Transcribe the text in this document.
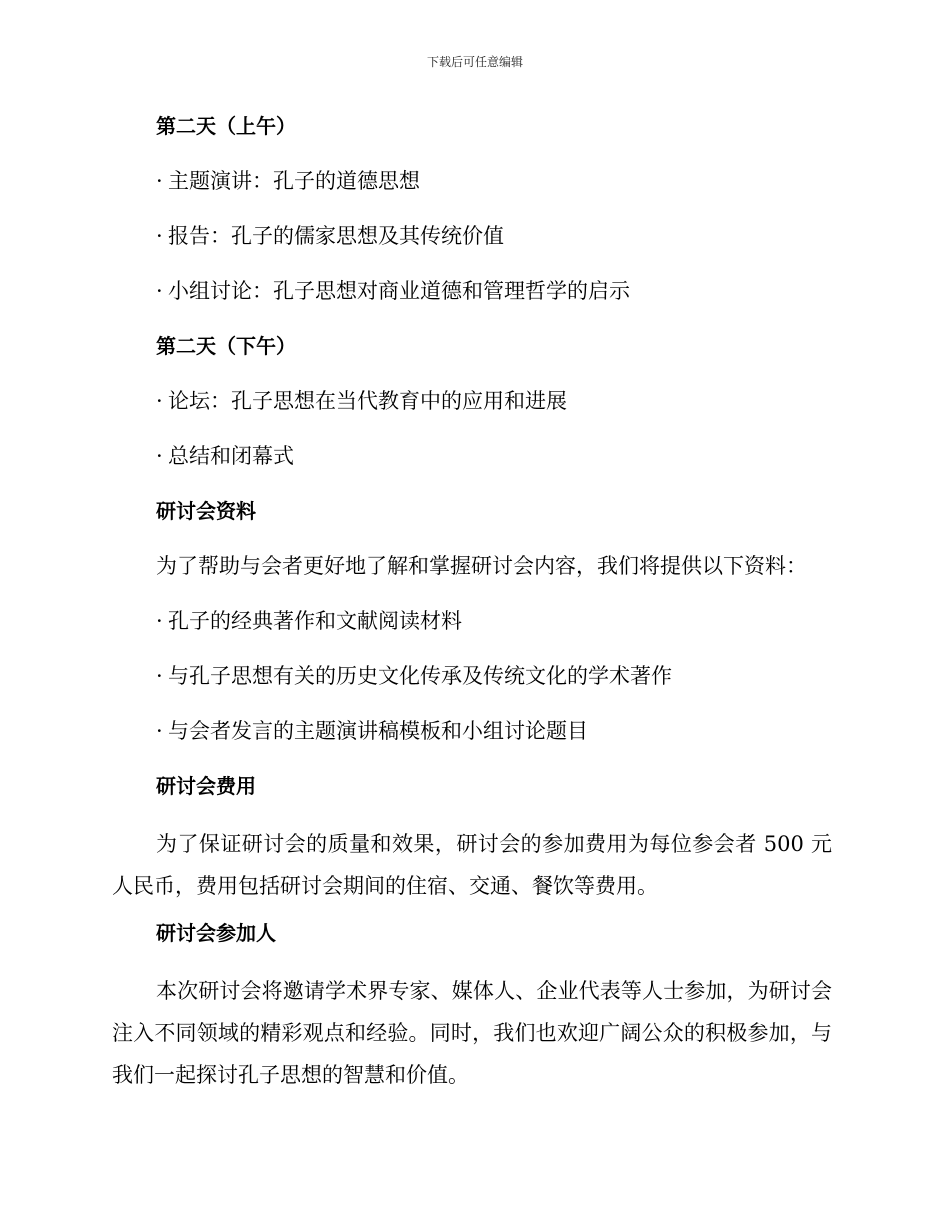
下载后可任意编辑
第二天（上午）
· 主题演讲：孔子的道德思想
· 报告：孔子的儒家思想及其传统价值
· 小组讨论：孔子思想对商业道德和管理哲学的启示
第二天（下午）
· 论坛：孔子思想在当代教育中的应用和进展
· 总结和闭幕式
研讨会资料
为了帮助与会者更好地了解和掌握研讨会内容，我们将提供以下资料：
· 孔子的经典著作和文献阅读材料
· 与孔子思想有关的历史文化传承及传统文化的学术著作
· 与会者发言的主题演讲稿模板和小组讨论题目
研讨会费用

为了保证研讨会的质量和效果，研讨会的参加费用为每位参会者 500 元人民币，费用包括研讨会期间的住宿、交通、餐饮等费用。

研讨会参加人

本次研讨会将邀请学术界专家、媒体人、企业代表等人士参加，为研讨会注入不同领域的精彩观点和经验。同时，我们也欢迎广阔公众的积极参加，与我们一起探讨孔子思想的智慧和价值。
